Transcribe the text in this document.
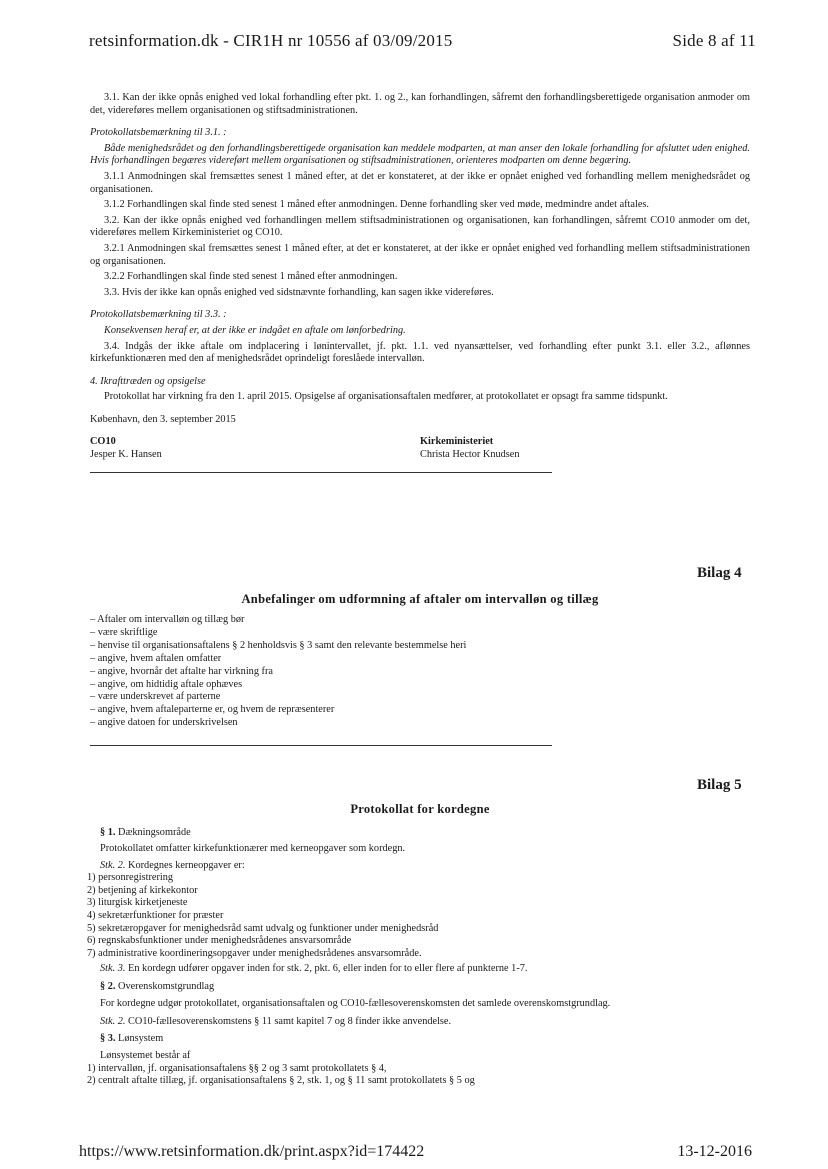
retsinformation.dk - CIR1H nr 10556 af 03/09/2015	Side 8 af 11

3.1. Kan der ikke opnås enighed ved lokal forhandling efter pkt. 1. og 2., kan forhandlingen, såfremt den forhandlingsberettigede organisation anmoder om det, videreføres mellem organisationen og stiftsadministrationen.

Protokollatsbemærkning til 3.1. :

Både menighedsrådet og den forhandlingsberettigede organisation kan meddele modparten, at man anser den lokale forhandling for afsluttet uden enighed. Hvis forhandlingen begæres videreført mellem organisationen og stiftsadministrationen, orienteres modparten om denne begæring.

3.1.1 Anmodningen skal fremsættes senest 1 måned efter, at det er konstateret, at der ikke er opnået enighed ved forhandling mellem menighedsrådet og organisationen.

3.1.2 Forhandlingen skal finde sted senest 1 måned efter anmodningen. Denne forhandling sker ved møde, medmindre andet aftales.

3.2. Kan der ikke opnås enighed ved forhandlingen mellem stiftsadministrationen og organisationen, kan forhandlingen, såfremt CO10 anmoder om det, videreføres mellem Kirkeministeriet og CO10.

3.2.1 Anmodningen skal fremsættes senest 1 måned efter, at det er konstateret, at der ikke er opnået enighed ved forhandling mellem stiftsadministrationen og organisationen.

3.2.2 Forhandlingen skal finde sted senest 1 måned efter anmodningen.

3.3. Hvis der ikke kan opnås enighed ved sidstnævnte forhandling, kan sagen ikke videreføres.

Protokollatsbemærkning til 3.3. :

Konsekvensen heraf er, at der ikke er indgået en aftale om lønforbedring.

3.4. Indgås der ikke aftale om indplacering i lønintervallet, jf. pkt. 1.1. ved nyansættelser, ved forhandling efter punkt 3.1. eller 3.2., aflønnes kirkefunktionæren med den af menighedsrådet oprindeligt foreslåede intervalløn.

4. Ikrafttræden og opsigelse

Protokollat har virkning fra den 1. april 2015. Opsigelse af organisationsaftalen medfører, at protokollatet er opsagt fra samme tidspunkt.

København, den 3. september 2015

CO10
Jesper K. Hansen
Kirkeministeriet
Christa Hector Knudsen
Bilag 4
Anbefalinger om udformning af aftaler om intervalløn og tillæg
– Aftaler om intervalløn og tillæg bør
– være skriftlige
– henvise til organisationsaftalens § 2 henholdsvis § 3 samt den relevante bestemmelse heri
– angive, hvem aftalen omfatter
– angive, hvornår det aftalte har virkning fra
– angive, om hidtidig aftale ophæves
– være underskrevet af parterne
– angive, hvem aftaleparterne er, og hvem de repræsenterer
– angive datoen for underskrivelsen
Bilag 5
Protokollat for kordegne
§ 1. Dækningsområde
Protokollatet omfatter kirkefunktionærer med kerneopgaver som kordegn.
Stk. 2. Kordegnes kerneopgaver er:
1) personregistrering
2) betjening af kirkekontor
3) liturgisk kirketjeneste
4) sekretærfunktioner for præster
5) sekretæropgaver for menighedsråd samt udvalg og funktioner under menighedsråd
6) regnskabsfunktioner under menighedsrådenes ansvarsområde
7) administrative koordineringsopgaver under menighedsrådenes ansvarsområde.
Stk. 3. En kordegn udfører opgaver inden for stk. 2, pkt. 6, eller inden for to eller flere af punkterne 1-7.
§ 2. Overenskomstgrundlag
For kordegne udgør protokollatet, organisationsaftalen og CO10-fællesoverenskomsten det samlede overenskomstgrundlag.
Stk. 2. CO10-fællesoverenskomstens § 11 samt kapitel 7 og 8 finder ikke anvendelse.
§ 3. Lønsystem
Lønsystemet består af
1) intervalløn, jf. organisationsaftalens §§ 2 og 3 samt protokollatets § 4,
2) centralt aftalte tillæg, jf. organisationsaftalens § 2, stk. 1, og § 11 samt protokollatets § 5 og
https://www.retsinformation.dk/print.aspx?id=174422	13-12-2016
